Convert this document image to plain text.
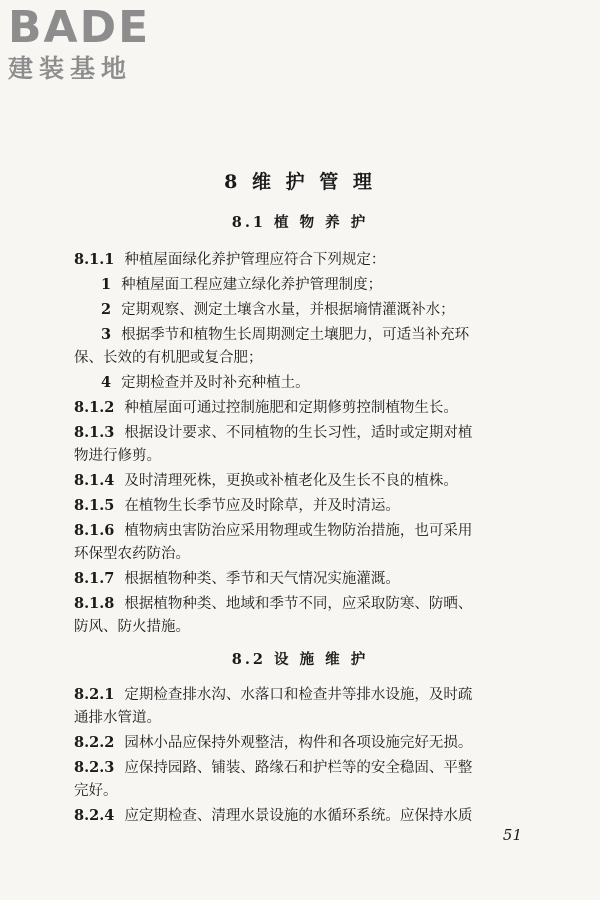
BADE
建装基地
8 维 护 管 理
8.1 植 物 养 护
8.1.1 种植屋面绿化养护管理应符合下列规定：
1 种植屋面工程应建立绿化养护管理制度；
2 定期观察、测定土壤含水量，并根据墒情灌溉补水；
3 根据季节和植物生长周期测定土壤肥力，可适当补充环
保、长效的有机肥或复合肥；
4 定期检查并及时补充种植土。
8.1.2 种植屋面可通过控制施肥和定期修剪控制植物生长。
8.1.3 根据设计要求、不同植物的生长习性，适时或定期对植
物进行修剪。
8.1.4 及时清理死株，更换或补植老化及生长不良的植株。
8.1.5 在植物生长季节应及时除草，并及时清运。
8.1.6 植物病虫害防治应采用物理或生物防治措施，也可采用
环保型农药防治。
8.1.7 根据植物种类、季节和天气情况实施灌溉。
8.1.8 根据植物种类、地域和季节不同，应采取防寒、防晒、
防风、防火措施。
8.2 设 施 维 护
8.2.1 定期检查排水沟、水落口和检查井等排水设施，及时疏
通排水管道。
8.2.2 园林小品应保持外观整洁，构件和各项设施完好无损。
8.2.3 应保持园路、铺装、路缘石和护栏等的安全稳固、平整
完好。
8.2.4 应定期检查、清理水景设施的水循环系统。应保持水质
51
